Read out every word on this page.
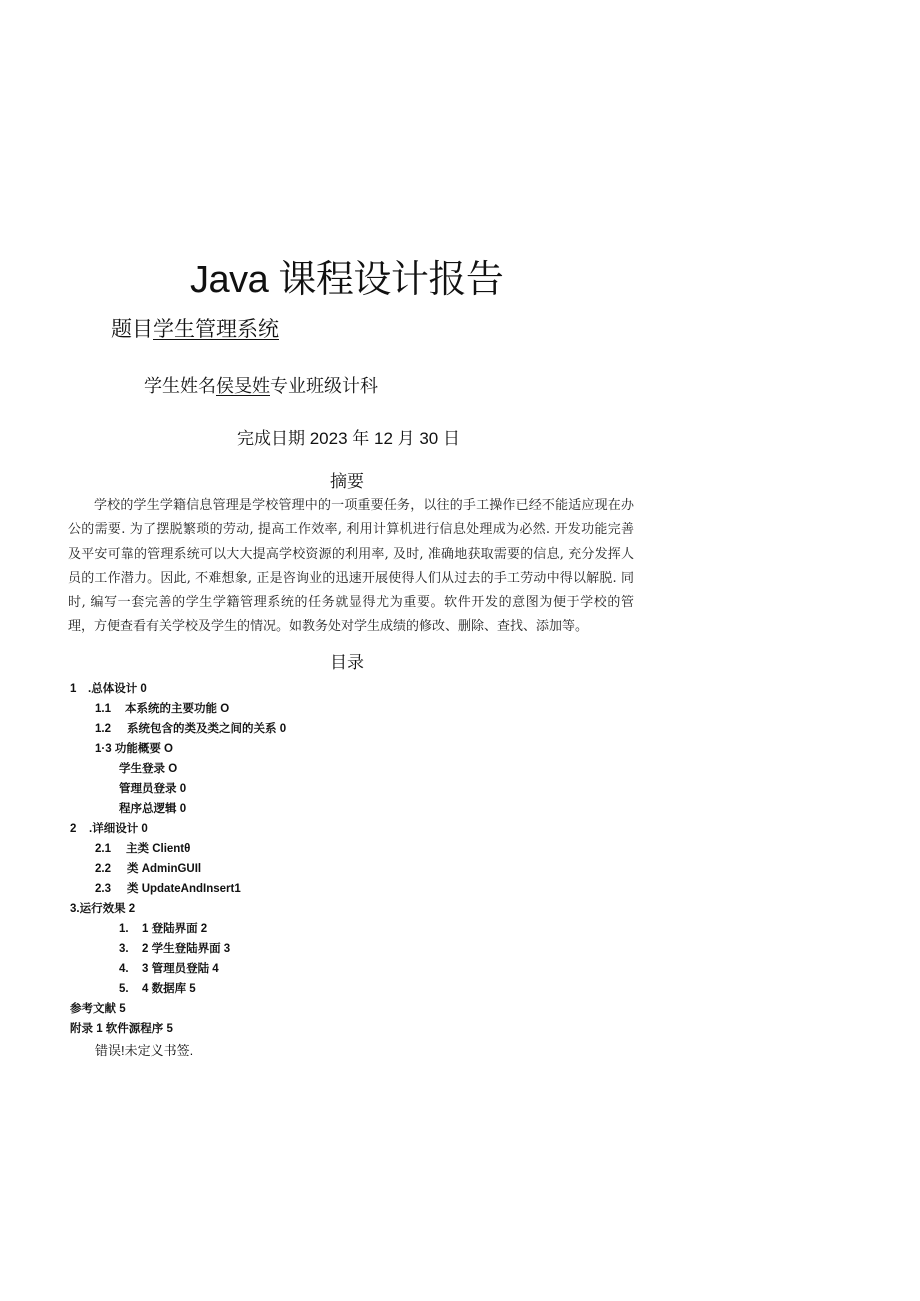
Java 课程设计报告
题目学生管理系统
学生姓名侯旻姓专业班级计科
完成日期 2023 年 12 月 30 日
摘要
学校的学生学籍信息管理是学校管理中的一项重要任务，以往的手工操作已经不能适应现在办公的需要. 为了摆脱繁琐的劳动, 提高工作效率, 利用计算机进行信息处理成为必然. 开发功能完善及平安可靠的管理系统可以大大提高学校资源的利用率, 及时, 准确地获取需要的信息, 充分发挥人员的工作潜力。因此, 不难想象, 正是咨询业的迅速开展使得人们从过去的手工劳动中得以解脱. 同时, 编写一套完善的学生学籍管理系统的任务就显得尤为重要。软件开发的意图为便于学校的管理，方便查看有关学校及学生的情况。如教务处对学生成绩的修改、删除、查找、添加等。
目录
1 .总体设计 0
1.1 本系统的主要功能 O
1.2 系统包含的类及类之间的关系 0
1·3 功能概要 O
学生登录 O
管理员登录 0
程序总逻辑 0
2 .详细设计 0
2.1 主类 Clientθ
2.2 类 AdminGUIl
2.3 类 UpdateAndInsert1
3.运行效果 2
1. 1 登陆界面 2
3. 2 学生登陆界面 3
4. 3 管理员登陆 4
5. 4 数据库 5
参考文献 5
附录 1 软件源程序 5
错误!未定义书签.
